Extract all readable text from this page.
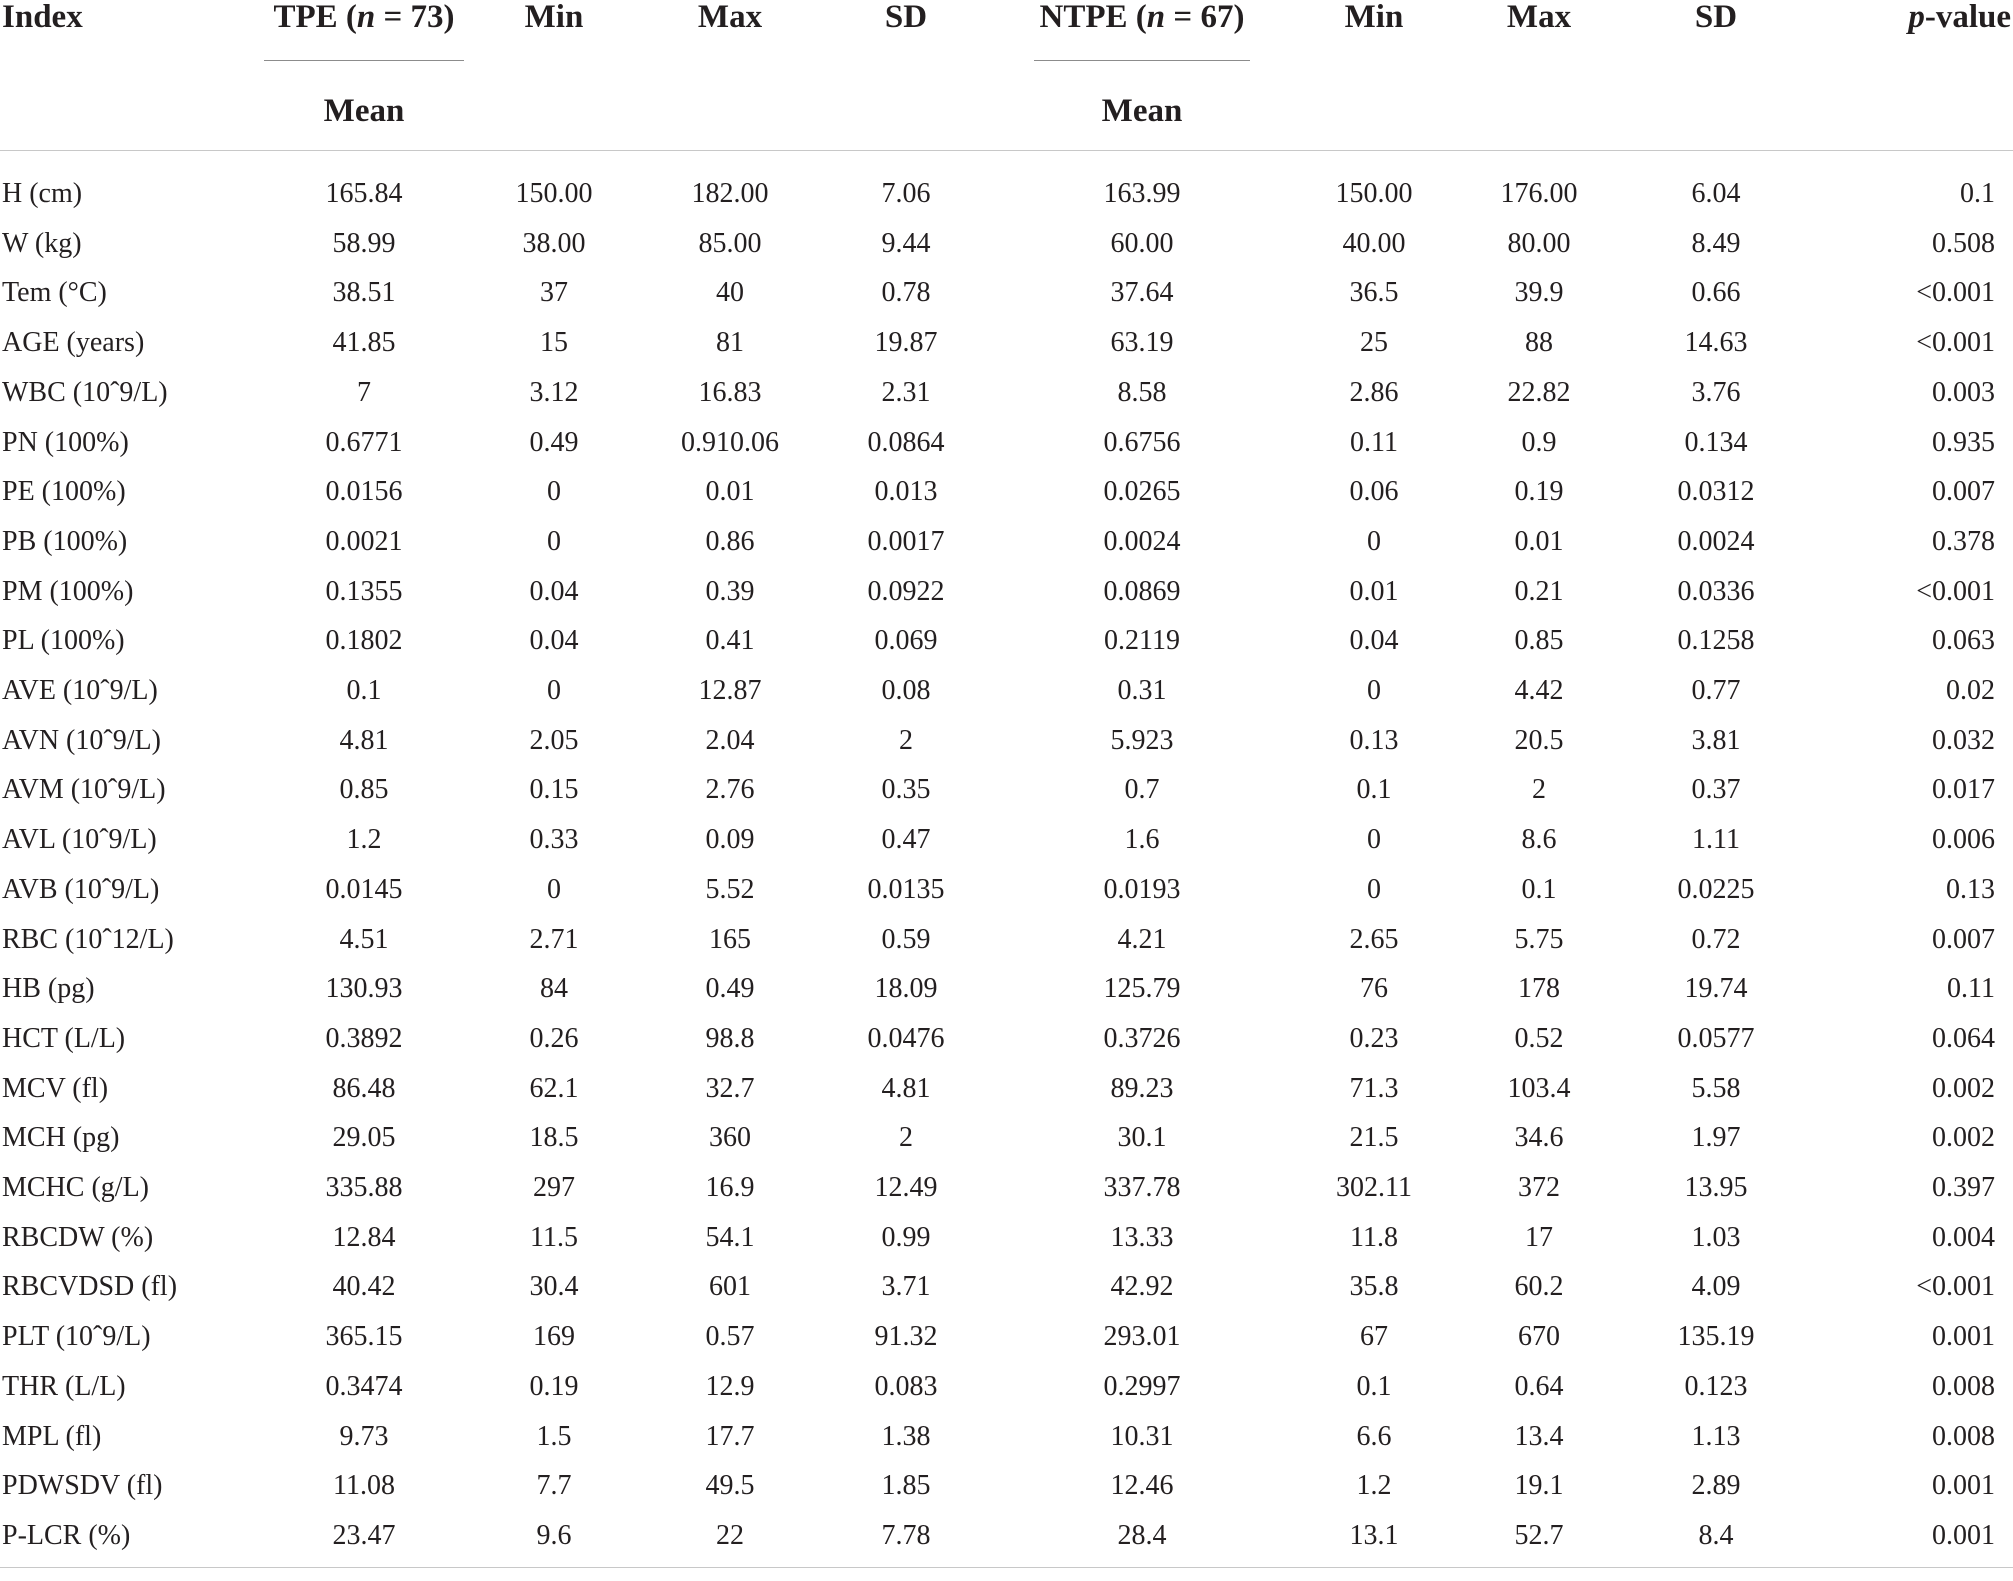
Index	TPE (n = 73)	Min	Max	SD	NTPE (n = 67)	Min	Max	SD	p-value
	Mean				Mean				
H (cm)	165.84	150.00	182.00	7.06	163.99	150.00	176.00	6.04	0.1
W (kg)	58.99	38.00	85.00	9.44	60.00	40.00	80.00	8.49	0.508
Tem (°C)	38.51	37	40	0.78	37.64	36.5	39.9	0.66	<0.001
AGE (years)	41.85	15	81	19.87	63.19	25	88	14.63	<0.001
WBC (10ˆ9/L)	7	3.12	16.83	2.31	8.58	2.86	22.82	3.76	0.003
PN (100%)	0.6771	0.49	0.910.06	0.0864	0.6756	0.11	0.9	0.134	0.935
PE (100%)	0.0156	0	0.01	0.013	0.0265	0.06	0.19	0.0312	0.007
PB (100%)	0.0021	0	0.86	0.0017	0.0024	0	0.01	0.0024	0.378
PM (100%)	0.1355	0.04	0.39	0.0922	0.0869	0.01	0.21	0.0336	<0.001
PL (100%)	0.1802	0.04	0.41	0.069	0.2119	0.04	0.85	0.1258	0.063
AVE (10ˆ9/L)	0.1	0	12.87	0.08	0.31	0	4.42	0.77	0.02
AVN (10ˆ9/L)	4.81	2.05	2.04	2	5.923	0.13	20.5	3.81	0.032
AVM (10ˆ9/L)	0.85	0.15	2.76	0.35	0.7	0.1	2	0.37	0.017
AVL (10ˆ9/L)	1.2	0.33	0.09	0.47	1.6	0	8.6	1.11	0.006
AVB (10ˆ9/L)	0.0145	0	5.52	0.0135	0.0193	0	0.1	0.0225	0.13
RBC (10ˆ12/L)	4.51	2.71	165	0.59	4.21	2.65	5.75	0.72	0.007
HB (pg)	130.93	84	0.49	18.09	125.79	76	178	19.74	0.11
HCT (L/L)	0.3892	0.26	98.8	0.0476	0.3726	0.23	0.52	0.0577	0.064
MCV (fl)	86.48	62.1	32.7	4.81	89.23	71.3	103.4	5.58	0.002
MCH (pg)	29.05	18.5	360	2	30.1	21.5	34.6	1.97	0.002
MCHC (g/L)	335.88	297	16.9	12.49	337.78	302.11	372	13.95	0.397
RBCDW (%)	12.84	11.5	54.1	0.99	13.33	11.8	17	1.03	0.004
RBCVDSD (fl)	40.42	30.4	601	3.71	42.92	35.8	60.2	4.09	<0.001
PLT (10ˆ9/L)	365.15	169	0.57	91.32	293.01	67	670	135.19	0.001
THR (L/L)	0.3474	0.19	12.9	0.083	0.2997	0.1	0.64	0.123	0.008
MPL (fl)	9.73	1.5	17.7	1.38	10.31	6.6	13.4	1.13	0.008
PDWSDV (fl)	11.08	7.7	49.5	1.85	12.46	1.2	19.1	2.89	0.001
P-LCR (%)	23.47	9.6	22	7.78	28.4	13.1	52.7	8.4	0.001
